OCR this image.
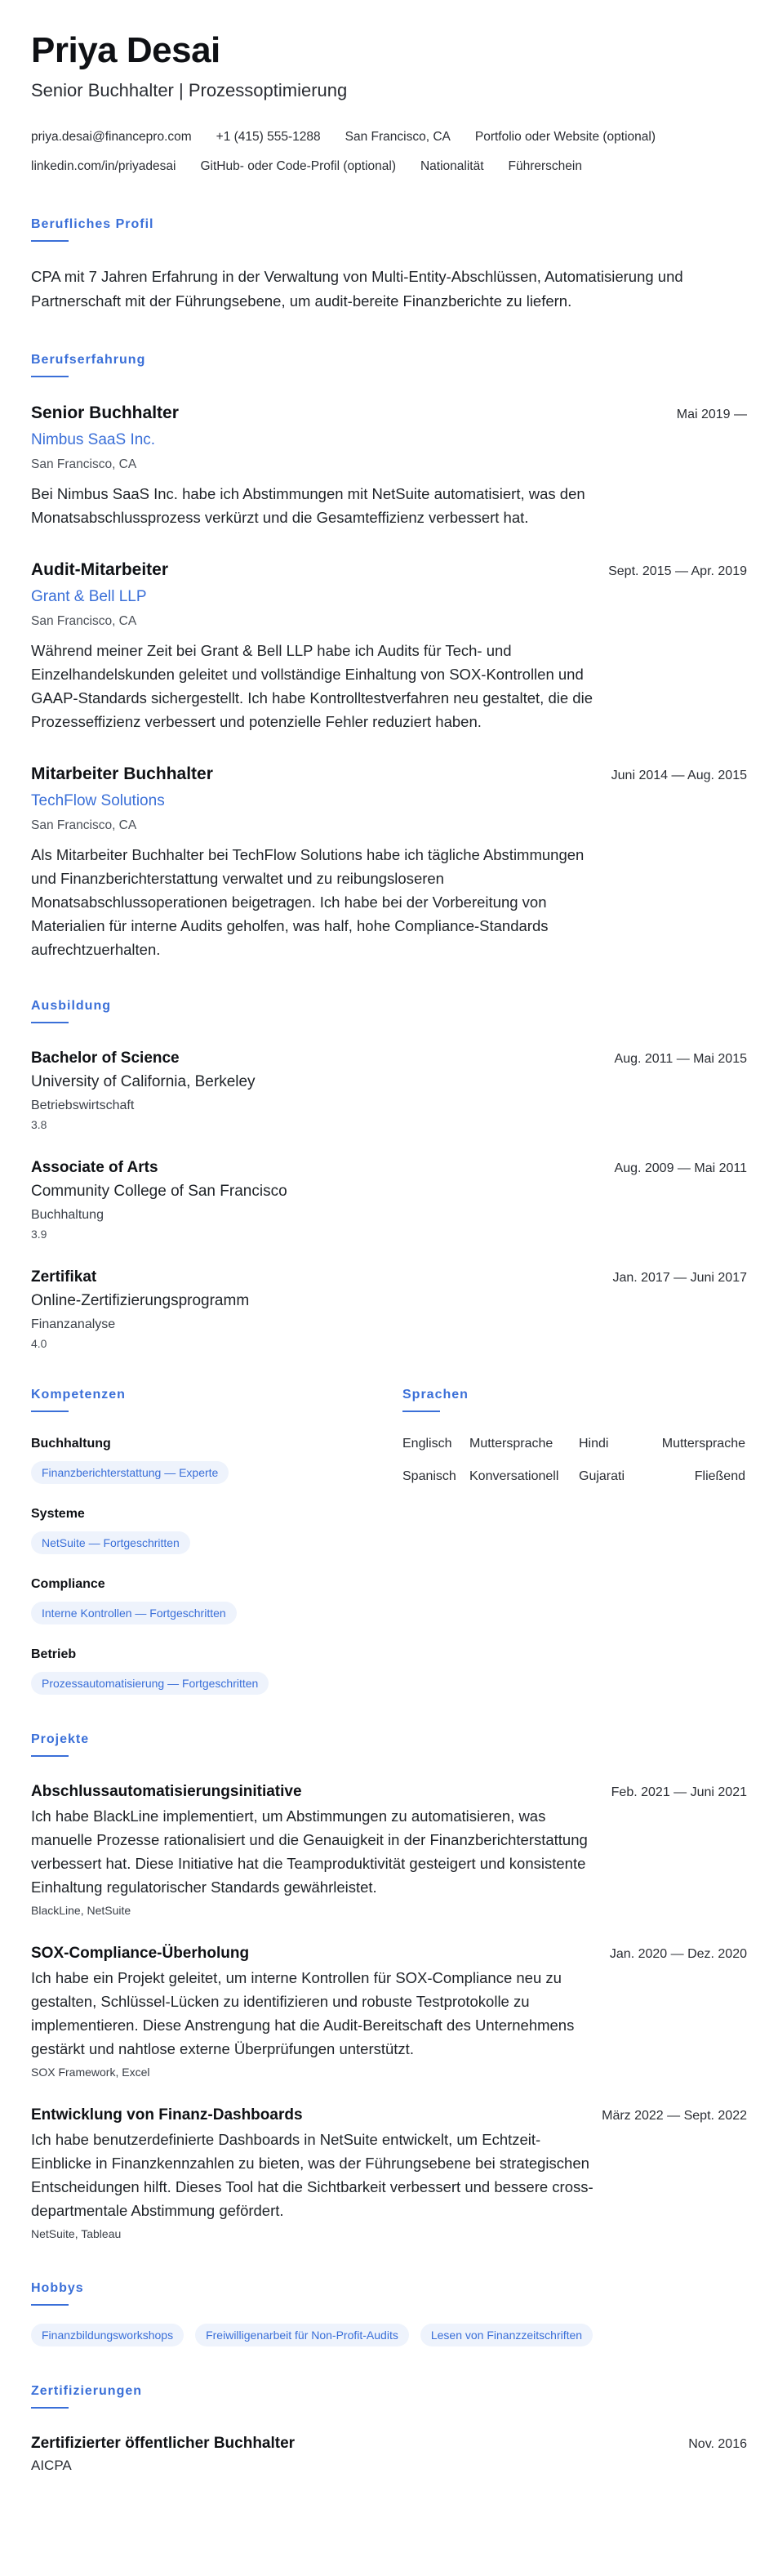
Priya Desai
Senior Buchhalter | Prozessoptimierung
priya.desai@financepro.com +1 (415) 555-1288 San Francisco, CA Portfolio oder Website (optional)
linkedin.com/in/priyadesai GitHub- oder Code-Profil (optional) Nationalität Führerschein
Berufliches Profil
CPA mit 7 Jahren Erfahrung in der Verwaltung von Multi-Entity-Abschlüssen, Automatisierung und Partnerschaft mit der Führungsebene, um audit-bereite Finanzberichte zu liefern.
Berufserfahrung
Senior Buchhalter	Mai 2019 —
Nimbus SaaS Inc.
San Francisco, CA
Bei Nimbus SaaS Inc. habe ich Abstimmungen mit NetSuite automatisiert, was den Monatsabschlussprozess verkürzt und die Gesamteffizienz verbessert hat.
Audit-Mitarbeiter	Sept. 2015 — Apr. 2019
Grant & Bell LLP
San Francisco, CA
Während meiner Zeit bei Grant & Bell LLP habe ich Audits für Tech- und Einzelhandelskunden geleitet und vollständige Einhaltung von SOX-Kontrollen und GAAP-Standards sichergestellt. Ich habe Kontrolltestverfahren neu gestaltet, die die Prozesseffizienz verbessert und potenzielle Fehler reduziert haben.
Mitarbeiter Buchhalter	Juni 2014 — Aug. 2015
TechFlow Solutions
San Francisco, CA
Als Mitarbeiter Buchhalter bei TechFlow Solutions habe ich tägliche Abstimmungen und Finanzberichterstattung verwaltet und zu reibungsloseren Monatsabschlussoperationen beigetragen. Ich habe bei der Vorbereitung von Materialien für interne Audits geholfen, was half, hohe Compliance-Standards aufrechtzuerhalten.
Ausbildung
Bachelor of Science	Aug. 2011 — Mai 2015
University of California, Berkeley
Betriebswirtschaft
3.8
Associate of Arts	Aug. 2009 — Mai 2011
Community College of San Francisco
Buchhaltung
3.9
Zertifikat	Jan. 2017 — Juni 2017
Online-Zertifizierungsprogramm
Finanzanalyse
4.0
Kompetenzen
Buchhaltung
Finanzberichterstattung — Experte
Systeme
NetSuite — Fortgeschritten
Compliance
Interne Kontrollen — Fortgeschritten
Betrieb
Prozessautomatisierung — Fortgeschritten
Sprachen
Englisch	Muttersprache	Hindi	Muttersprache
Spanisch	Konversationell	Gujarati	Fließend
Projekte
Abschlussautomatisierungsinitiative	Feb. 2021 — Juni 2021
Ich habe BlackLine implementiert, um Abstimmungen zu automatisieren, was manuelle Prozesse rationalisiert und die Genauigkeit in der Finanzberichterstattung verbessert hat. Diese Initiative hat die Teamproduktivität gesteigert und konsistente Einhaltung regulatorischer Standards gewährleistet.
BlackLine, NetSuite
SOX-Compliance-Überholung	Jan. 2020 — Dez. 2020
Ich habe ein Projekt geleitet, um interne Kontrollen für SOX-Compliance neu zu gestalten, Schlüssel-Lücken zu identifizieren und robuste Testprotokolle zu implementieren. Diese Anstrengung hat die Audit-Bereitschaft des Unternehmens gestärkt und nahtlose externe Überprüfungen unterstützt.
SOX Framework, Excel
Entwicklung von Finanz-Dashboards	März 2022 — Sept. 2022
Ich habe benutzerdefinierte Dashboards in NetSuite entwickelt, um Echtzeit-Einblicke in Finanzkennzahlen zu bieten, was der Führungsebene bei strategischen Entscheidungen hilft. Dieses Tool hat die Sichtbarkeit verbessert und bessere cross-departmentale Abstimmung gefördert.
NetSuite, Tableau
Hobbys
Finanzbildungsworkshops	Freiwilligenarbeit für Non-Profit-Audits	Lesen von Finanzzeitschriften
Zertifizierungen
Zertifizierter öffentlicher Buchhalter	Nov. 2016
AICPA
